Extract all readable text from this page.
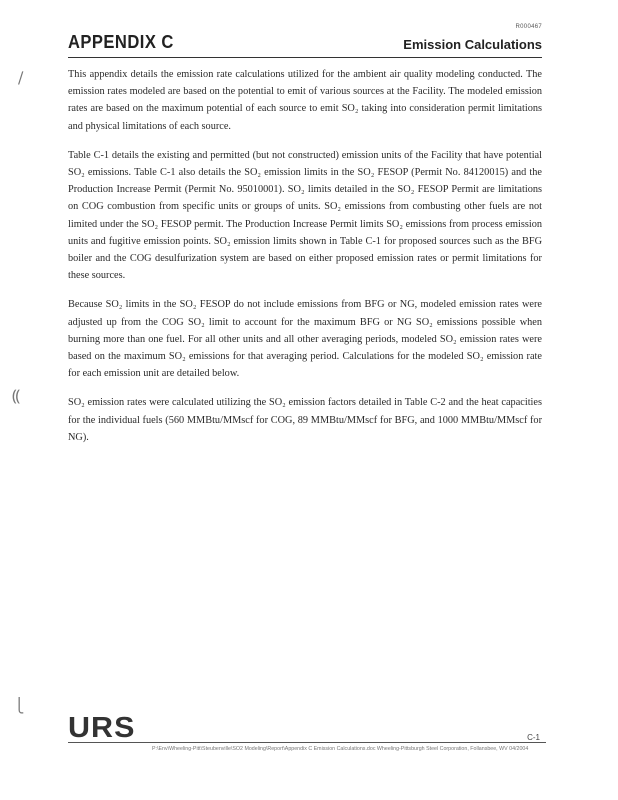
R000467
APPENDIX C	Emission Calculations
∕
⸨
⎩

This appendix details the emission rate calculations utilized for the ambient air quality modeling conducted. The emission rates modeled are based on the potential to emit of various sources at the Facility. The modeled emission rates are based on the maximum potential of each source to emit SO₂ taking into consideration permit limitations and physical limitations of each source.

Table C-1 details the existing and permitted (but not constructed) emission units of the Facility that have potential SO₂ emissions. Table C-1 also details the SO₂ emission limits in the SO₂ FESOP (Permit No. 84120015) and the Production Increase Permit (Permit No. 95010001). SO₂ limits detailed in the SO₂ FESOP Permit are limitations on COG combustion from specific units or groups of units. SO₂ emissions from combusting other fuels are not limited under the SO₂ FESOP permit. The Production Increase Permit limits SO₂ emissions from process emission units and fugitive emission points. SO₂ emission limits shown in Table C-1 for proposed sources such as the BFG boiler and the COG desulfurization system are based on either proposed emission rates or permit limitations for these sources.

Because SO₂ limits in the SO₂ FESOP do not include emissions from BFG or NG, modeled emission rates were adjusted up from the COG SO₂ limit to account for the maximum BFG or NG SO₂ emissions possible when burning more than one fuel. For all other units and all other averaging periods, modeled SO₂ emission rates were based on the maximum SO₂ emissions for that averaging period. Calculations for the modeled SO₂ emission rate for each emission unit are detailed below.

SO₂ emission rates were calculated utilizing the SO₂ emission factors detailed in Table C-2 and the heat capacities for the individual fuels (560 MMBtu/MMscf for COG, 89 MMBtu/MMscf for BFG, and 1000 MMBtu/MMscf for NG).

URS	C-1
P:\Env\Wheeling-Pitt\Steubenville\SO2 Modeling\Report\Appendix C Emission Calculations.doc Wheeling-Pittsburgh Steel Corporation, Follansbee, WV 04/2004
